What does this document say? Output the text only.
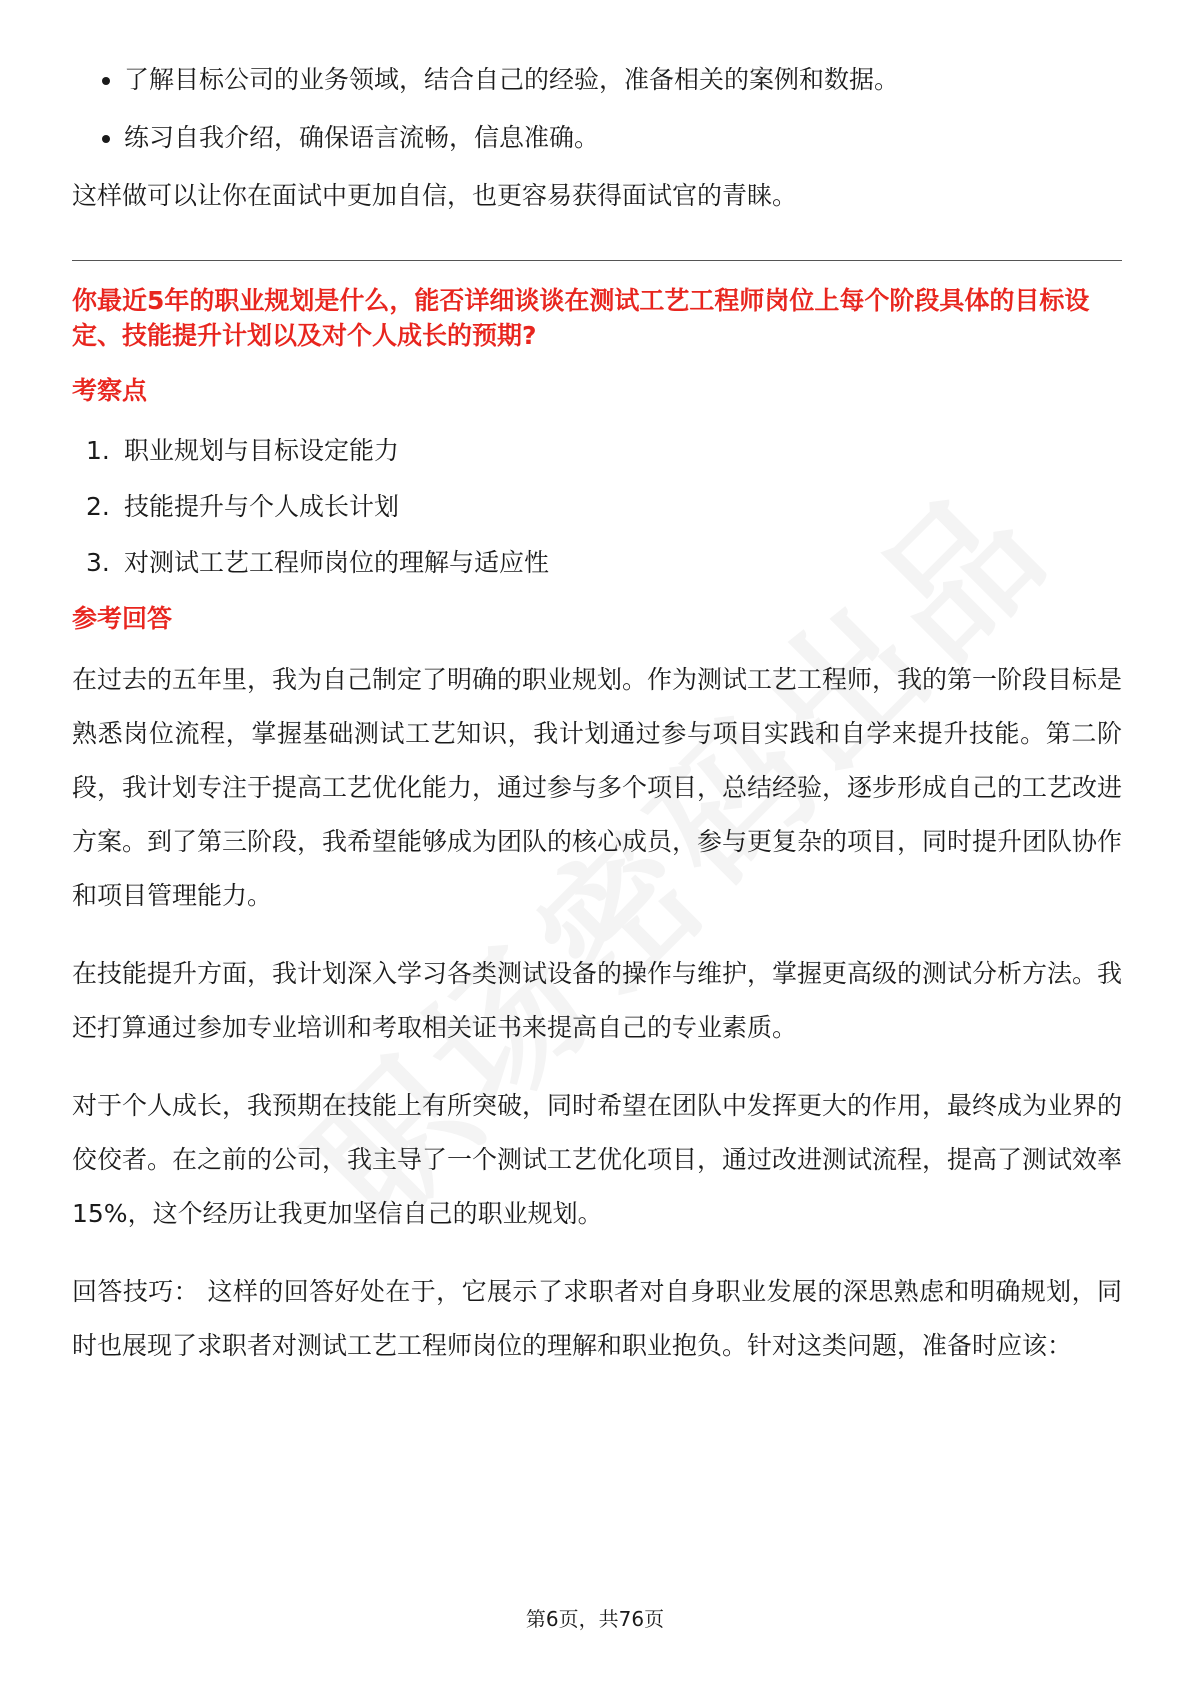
了解目标公司的业务领域，结合自己的经验，准备相关的案例和数据。
练习自我介绍，确保语言流畅，信息准确。

这样做可以让你在面试中更加自信，也更容易获得面试官的青睐。

你最近5年的职业规划是什么，能否详细谈谈在测试工艺工程师岗位上每个阶段具体的目标设定、技能提升计划以及对个人成长的预期?

考察点
1. 职业规划与目标设定能力
2. 技能提升与个人成长计划
3. 对测试工艺工程师岗位的理解与适应性
参考回答

在过去的五年里，我为自己制定了明确的职业规划。作为测试工艺工程师，我的第一阶段目标是熟悉岗位流程，掌握基础测试工艺知识，我计划通过参与项目实践和自学来提升技能。第二阶段，我计划专注于提高工艺优化能力，通过参与多个项目，总结经验，逐步形成自己的工艺改进方案。到了第三阶段，我希望能够成为团队的核心成员，参与更复杂的项目，同时提升团队协作和项目管理能力。

在技能提升方面，我计划深入学习各类测试设备的操作与维护，掌握更高级的测试分析方法。我还打算通过参加专业培训和考取相关证书来提高自己的专业素质。

对于个人成长，我预期在技能上有所突破，同时希望在团队中发挥更大的作用，最终成为业界的佼佼者。在之前的公司，我主导了一个测试工艺优化项目，通过改进测试流程，提高了测试效率15%，这个经历让我更加坚信自己的职业规划。

回答技巧： 这样的回答好处在于，它展示了求职者对自身职业发展的深思熟虑和明确规划，同时也展现了求职者对测试工艺工程师岗位的理解和职业抱负。针对这类问题，准备时应该：

第6页，共76页
